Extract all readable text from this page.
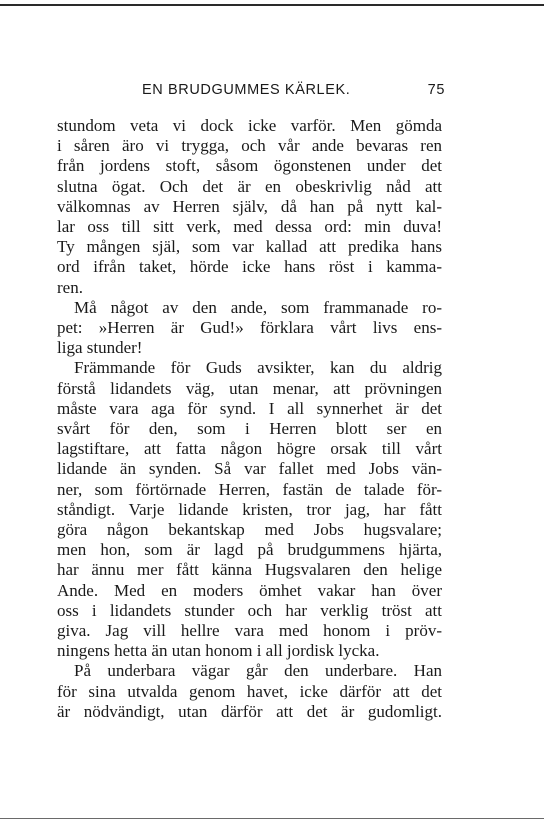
EN BRUDGUMMES KÄRLEK.	75
stundom veta vi dock icke varför. Men gömda
i såren äro vi trygga, och vår ande bevaras ren
från jordens stoft, såsom ögonstenen under det
slutna ögat. Och det är en obeskrivlig nåd att
välkomnas av Herren själv, då han på nytt kal-
lar oss till sitt verk, med dessa ord: min duva!
Ty mången själ, som var kallad att predika hans
ord ifrån taket, hörde icke hans röst i kamma-
ren.
Må något av den ande, som frammanade ro-
pet: »Herren är Gud!» förklara vårt livs ens-
liga stunder!
Främmande för Guds avsikter, kan du aldrig
förstå lidandets väg, utan menar, att prövningen
måste vara aga för synd. I all synnerhet är det
svårt för den, som i Herren blott ser en
lagstiftare, att fatta någon högre orsak till vårt
lidande än synden. Så var fallet med Jobs vän-
ner, som förtörnade Herren, fastän de talade för-
ståndigt. Varje lidande kristen, tror jag, har fått
göra någon bekantskap med Jobs hugsvalare;
men hon, som är lagd på brudgummens hjärta,
har ännu mer fått känna Hugsvalaren den helige
Ande. Med en moders ömhet vakar han över
oss i lidandets stunder och har verklig tröst att
giva. Jag vill hellre vara med honom i pröv-
ningens hetta än utan honom i all jordisk lycka.
På underbara vägar går den underbare. Han
för sina utvalda genom havet, icke därför att det
är nödvändigt, utan därför att det är gudomligt.
